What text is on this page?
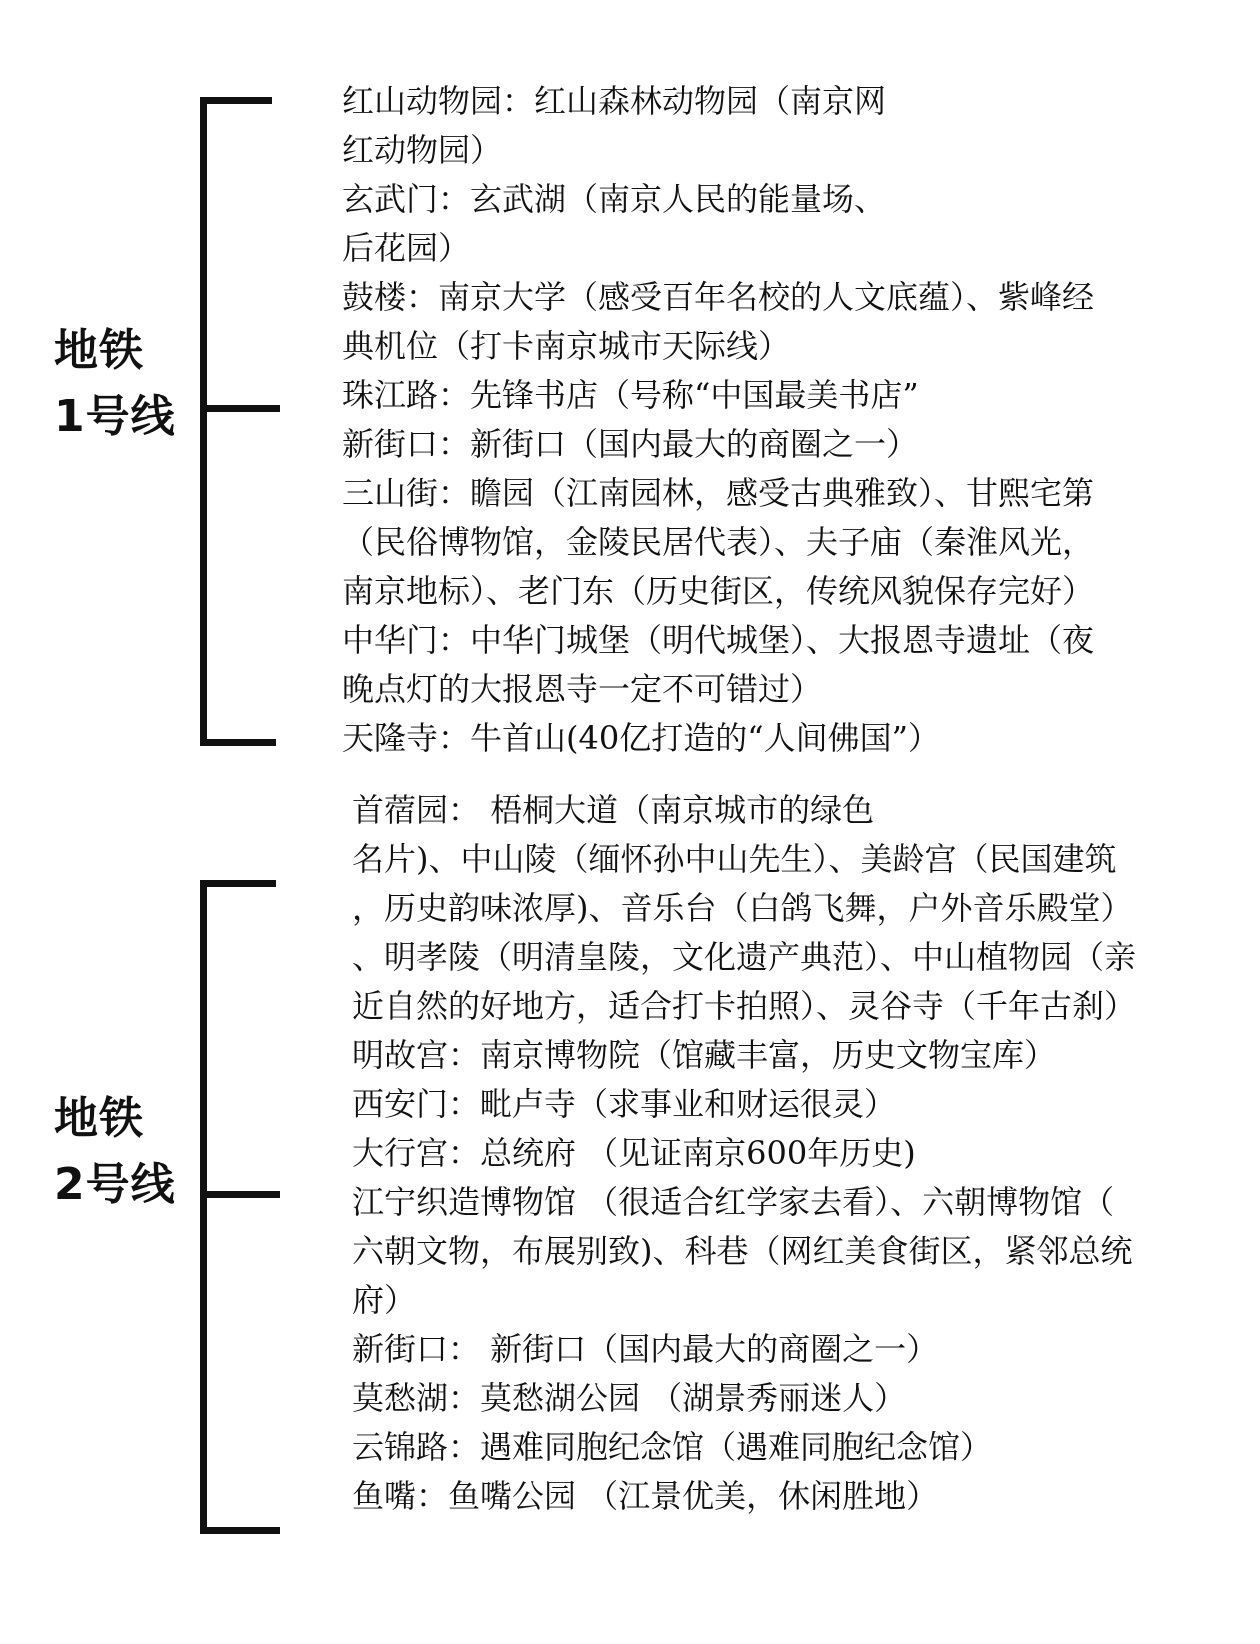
地铁
1号线

红山动物园：红山森林动物园（南京网

红动物园）

玄武门：玄武湖（南京人民的能量场、

后花园）

鼓楼：南京大学（感受百年名校的人文底蕴）、紫峰经

典机位（打卡南京城市天际线）

珠江路：先锋书店（号称“中国最美书店”

新街口：新街口（国内最大的商圈之一）

三山街：瞻园（江南园林，感受古典雅致）、甘熙宅第

（民俗博物馆，金陵民居代表）、夫子庙（秦淮风光，

南京地标）、老门东（历史街区，传统风貌保存完好）

中华门：中华门城堡（明代城堡）、大报恩寺遗址（夜

晚点灯的大报恩寺一定不可错过）

天隆寺：牛首山(40亿打造的“人间佛国”）

地铁
2号线

首蓿园： 梧桐大道（南京城市的绿色

名片)、中山陵（缅怀孙中山先生）、美龄宫（民国建筑

，历史韵味浓厚)、音乐台（白鸽飞舞，户外音乐殿堂）

、明孝陵（明清皇陵，文化遗产典范）、中山植物园（亲

近自然的好地方，适合打卡拍照）、灵谷寺（千年古刹）

明故宫：南京博物院（馆藏丰富，历史文物宝库）

西安门：毗卢寺（求事业和财运很灵）

大行宫：总统府 （见证南京600年历史)

江宁织造博物馆 （很适合红学家去看）、六朝博物馆（

六朝文物，布展别致)、科巷（网红美食街区，紧邻总统

府）

新街口： 新街口（国内最大的商圈之一）

莫愁湖：莫愁湖公园 （湖景秀丽迷人）

云锦路：遇难同胞纪念馆（遇难同胞纪念馆）

鱼嘴：鱼嘴公园 （江景优美，休闲胜地）
